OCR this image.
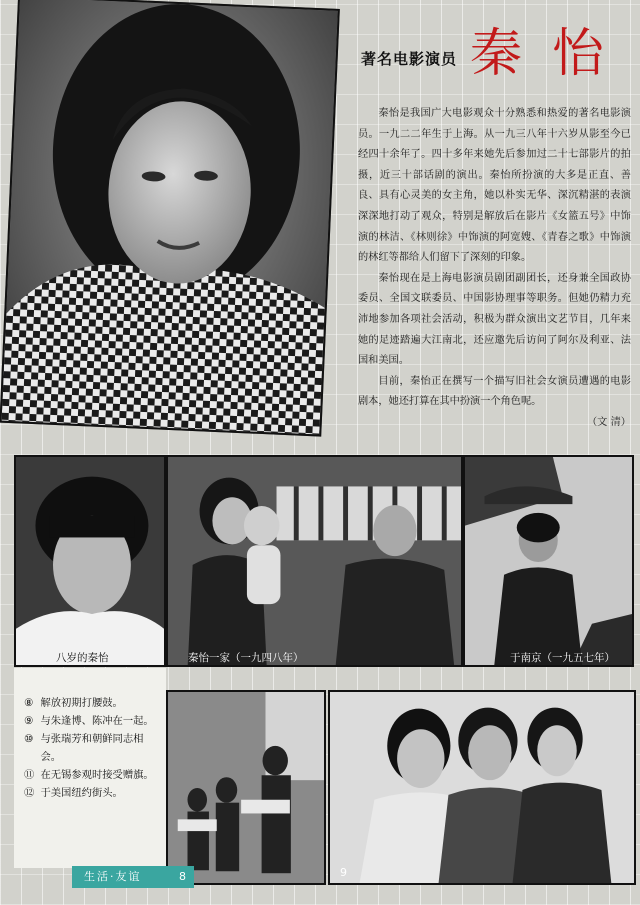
著名电影演员 秦怡

秦怡是我国广大电影观众十分熟悉和热爱的著名电影演员。一九二二年生于上海。从一九三八年十六岁从影至今已经四十余年了。四十多年来她先后参加过二十七部影片的拍摄，近三十部话剧的演出。秦怡所扮演的大多是正直、善良、具有心灵美的女主角，她以朴实无华、深沉精湛的表演深深地打动了观众，特别是解放后在影片《女篮五号》中饰演的林洁、《林则徐》中饰演的阿宽嫂、《青春之歌》中饰演的林红等都给人们留下了深刻的印象。

秦怡现在是上海电影演员剧团副团长，还身兼全国政协委员、全国文联委员、中国影协理事等职务。但她仍精力充沛地参加各项社会活动，积极为群众演出文艺节目，几年来她的足迹踏遍大江南北，还应邀先后访问了阿尔及利亚、法国和美国。

目前，秦怡正在撰写一个描写旧社会女演员遭遇的电影剧本，她还打算在其中扮演一个角色呢。
（文 清）

八岁的秦怡	秦怡一家（一九四八年）	于南京（一九五七年）
⑧ 解放初期打腰鼓。
⑨ 与朱逢博、陈冲在一起。
⑩ 与张瑞芳和朝鲜同志相会。
⑪ 在无锡参观时接受赠旗。
⑫ 于美国纽约街头。
生活·友谊	8	9
